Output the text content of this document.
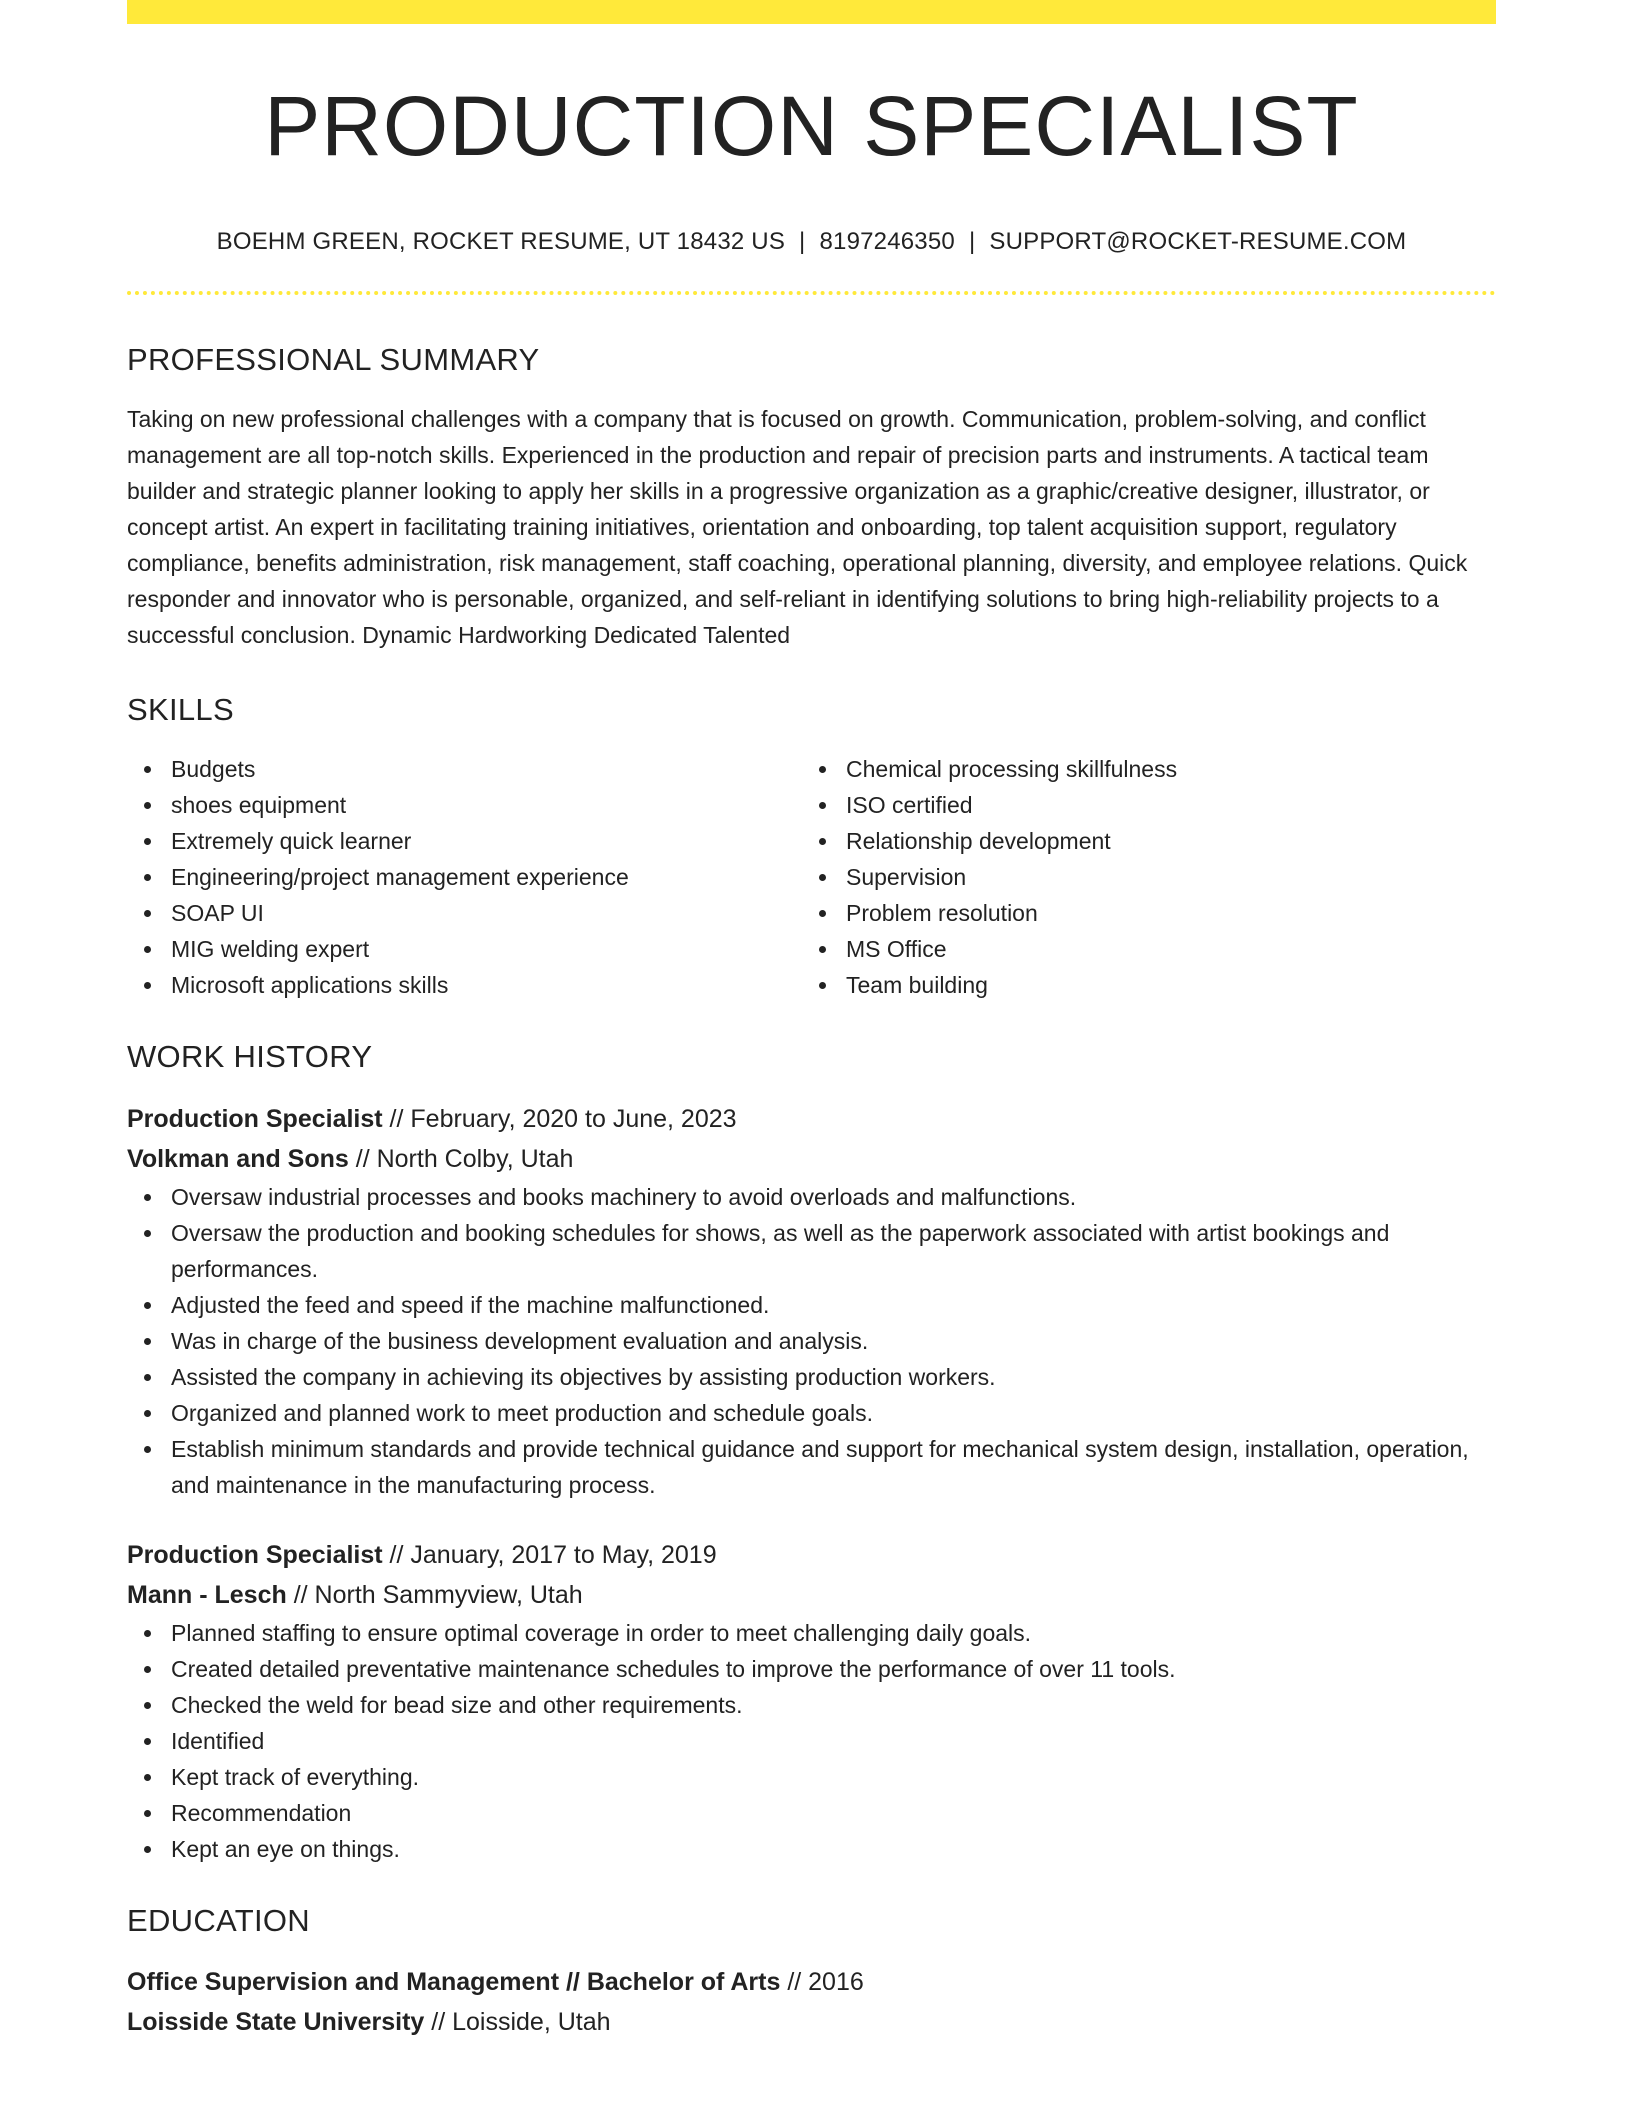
PRODUCTION SPECIALIST
BOEHM GREEN, ROCKET RESUME, UT 18432 US | 8197246350 | SUPPORT@ROCKET-RESUME.COM
PROFESSIONAL SUMMARY
Taking on new professional challenges with a company that is focused on growth. Communication, problem-solving, and conflict management are all top-notch skills. Experienced in the production and repair of precision parts and instruments. A tactical team builder and strategic planner looking to apply her skills in a progressive organization as a graphic/creative designer, illustrator, or concept artist. An expert in facilitating training initiatives, orientation and onboarding, top talent acquisition support, regulatory compliance, benefits administration, risk management, staff coaching, operational planning, diversity, and employee relations. Quick responder and innovator who is personable, organized, and self-reliant in identifying solutions to bring high-reliability projects to a successful conclusion. Dynamic Hardworking Dedicated Talented
SKILLS
Budgets
shoes equipment
Extremely quick learner
Engineering/project management experience
SOAP UI
MIG welding expert
Microsoft applications skills
Chemical processing skillfulness
ISO certified
Relationship development
Supervision
Problem resolution
MS Office
Team building
WORK HISTORY
Production Specialist // February, 2020 to June, 2023
Volkman and Sons // North Colby, Utah
Oversaw industrial processes and books machinery to avoid overloads and malfunctions.
Oversaw the production and booking schedules for shows, as well as the paperwork associated with artist bookings and performances.
Adjusted the feed and speed if the machine malfunctioned.
Was in charge of the business development evaluation and analysis.
Assisted the company in achieving its objectives by assisting production workers.
Organized and planned work to meet production and schedule goals.
Establish minimum standards and provide technical guidance and support for mechanical system design, installation, operation, and maintenance in the manufacturing process.
Production Specialist // January, 2017 to May, 2019
Mann - Lesch // North Sammyview, Utah
Planned staffing to ensure optimal coverage in order to meet challenging daily goals.
Created detailed preventative maintenance schedules to improve the performance of over 11 tools.
Checked the weld for bead size and other requirements.
Identified
Kept track of everything.
Recommendation
Kept an eye on things.
EDUCATION
Office Supervision and Management // Bachelor of Arts // 2016
Loisside State University // Loisside, Utah
